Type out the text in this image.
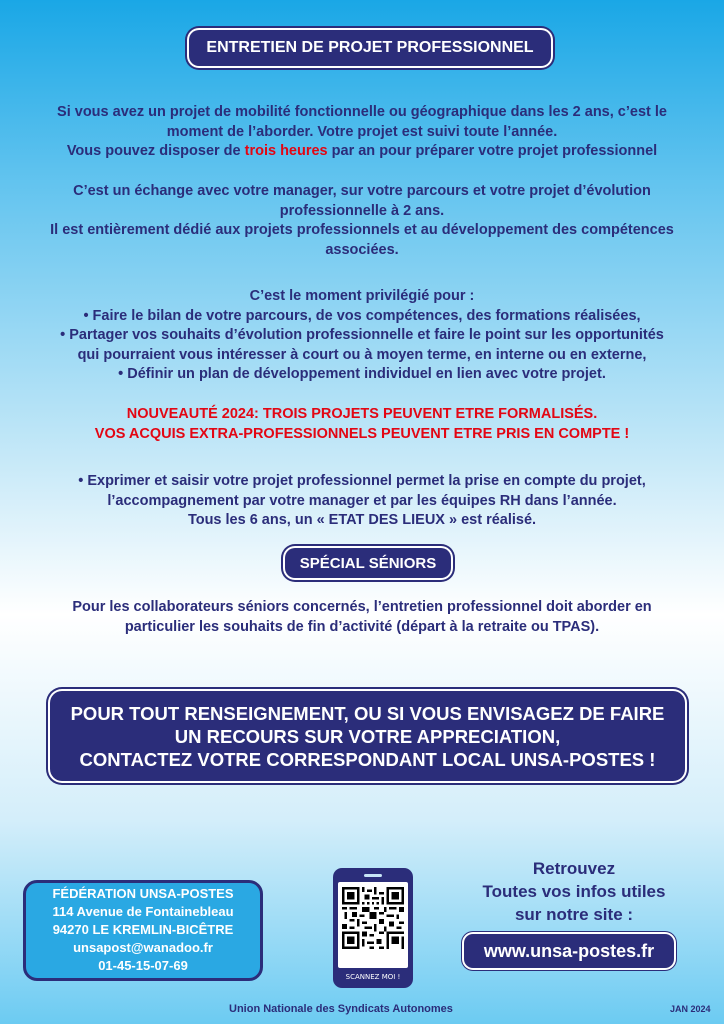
ENTRETIEN DE PROJET PROFESSIONNEL
Si vous avez un projet de mobilité fonctionnelle ou géographique dans les 2 ans, c’est le
moment de l’aborder. Votre projet est suivi toute l’année.
Vous pouvez disposer de trois heures par an pour préparer votre projet professionnel
C’est un échange avec votre manager, sur votre parcours et votre projet d’évolution
professionnelle à 2 ans.
Il est entièrement dédié aux projets professionnels et au développement des compétences
associées.
C’est le moment privilégié pour :
• Faire le bilan de votre parcours, de vos compétences, des formations réalisées,
• Partager vos souhaits d’évolution professionnelle et faire le point sur les opportunités
qui pourraient vous intéresser à court ou à moyen terme, en interne ou en externe,
• Définir un plan de développement individuel en lien avec votre projet.
NOUVEAUTÉ 2024: TROIS PROJETS PEUVENT ETRE FORMALISÉS.
VOS ACQUIS EXTRA-PROFESSIONNELS PEUVENT ETRE PRIS EN COMPTE !
• Exprimer et saisir votre projet professionnel permet la prise en compte du projet,
l’accompagnement par votre manager et par les équipes RH dans l’année.
Tous les 6 ans, un « ETAT DES LIEUX » est réalisé.
SPÉCIAL SÉNIORS
Pour les collaborateurs séniors concernés, l’entretien professionnel doit aborder en
particulier les souhaits de fin d’activité (départ à la retraite ou TPAS).
POUR TOUT RENSEIGNEMENT, OU SI VOUS ENVISAGEZ DE FAIRE
UN RECOURS SUR VOTRE APPRECIATION,
CONTACTEZ VOTRE CORRESPONDANT LOCAL UNSA-POSTES !
FÉDÉRATION UNSA-POSTES
114 Avenue de Fontainebleau
94270 LE KREMLIN-BICÊTRE
unsapost@wanadoo.fr
01-45-15-07-69
SCANNEZ MOI !
Retrouvez
Toutes vos infos utiles
sur notre site :
www.unsa-postes.fr
Union Nationale des Syndicats Autonomes	JAN 2024
